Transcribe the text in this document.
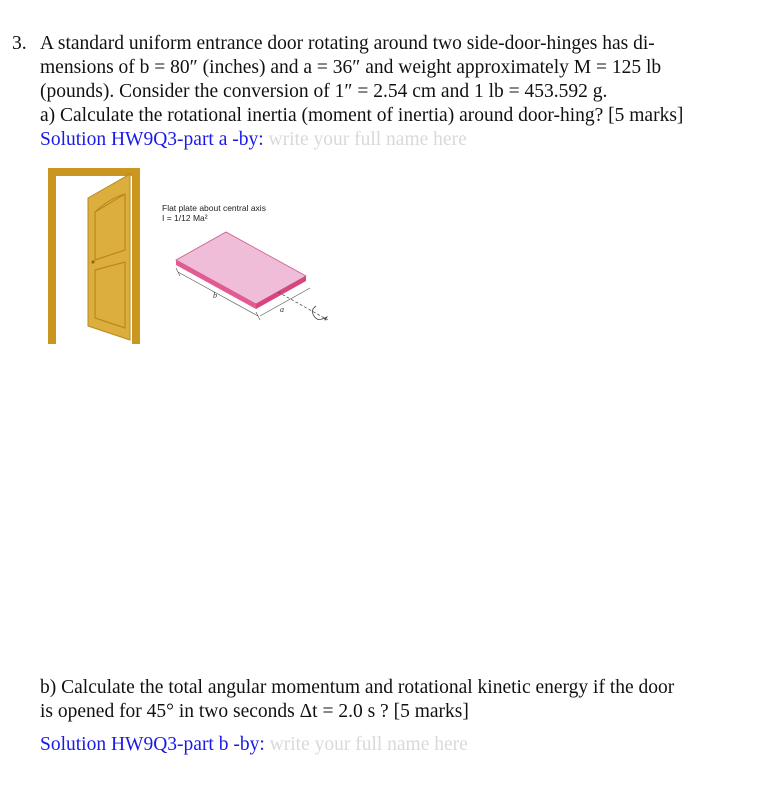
3. A standard uniform entrance door rotating around two side-door-hinges has di-
mensions of b = 80″ (inches) and a = 36″ and weight approximately M = 125 lb
(pounds). Consider the conversion of 1″ = 2.54 cm and 1 lb = 453.592 g.
a) Calculate the rotational inertia (moment of inertia) around door-hing? [5 marks]
Solution HW9Q3-part a -by: write your full name here
b
a
Flat plate about central axis
I = 1/12 Ma²
b) Calculate the total angular momentum and rotational kinetic energy if the door
is opened for 45° in two seconds Δt = 2.0 s ? [5 marks]
Solution HW9Q3-part b -by: write your full name here
